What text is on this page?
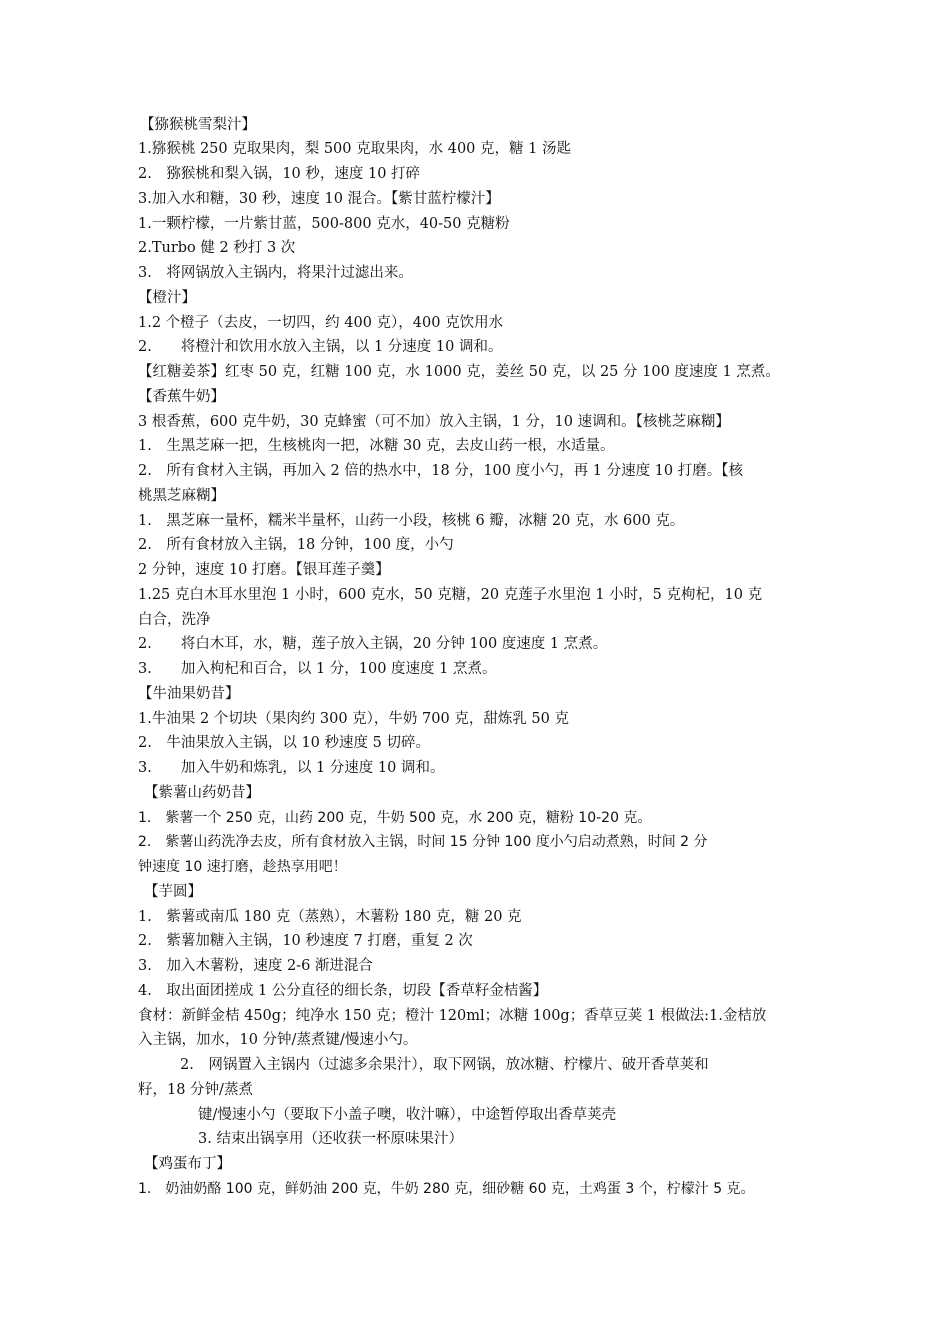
【猕猴桃雪梨汁】
1.猕猴桃 250 克取果肉，梨 500 克取果肉，水 400 克，糖 1 汤匙
2.　猕猴桃和梨入锅，10 秒，速度 10 打碎
3.加入水和糖，30 秒，速度 10 混合。【紫甘蓝柠檬汁】
1.一颗柠檬，一片紫甘蓝，500-800 克水，40-50 克糖粉
2.Turbo 健 2 秒打 3 次
3.　将网锅放入主锅内，将果汁过滤出来。
【橙汁】
1.2 个橙子（去皮，一切四，约 400 克），400 克饮用水
2.　　将橙汁和饮用水放入主锅，以 1 分速度 10 调和。
【红糖姜茶】红枣 50 克，红糖 100 克，水 1000 克，姜丝 50 克，以 25 分 100 度速度 1 烹煮。
【香蕉牛奶】
3 根香蕉，600 克牛奶，30 克蜂蜜（可不加）放入主锅，1 分，10 速调和。【核桃芝麻糊】
1.　生黑芝麻一把，生核桃肉一把，冰糖 30 克，去皮山药一根，水适量。
2.　所有食材入主锅，再加入 2 倍的热水中，18 分，100 度小勺，再 1 分速度 10 打磨。【核
桃黑芝麻糊】
1.　黑芝麻一量杯，糯米半量杯，山药一小段，核桃 6 瓣，冰糖 20 克，水 600 克。
2.　所有食材放入主锅，18 分钟，100 度，小勺
2 分钟，速度 10 打磨。【银耳莲子羹】
1.25 克白木耳水里泡 1 小时，600 克水，50 克糖，20 克莲子水里泡 1 小时，5 克枸杞，10 克
白合，洗净
2.　　将白木耳，水，糖，莲子放入主锅，20 分钟 100 度速度 1 烹煮。
3.　　加入枸杞和百合，以 1 分，100 度速度 1 烹煮。
【牛油果奶昔】
1.牛油果 2 个切块（果肉约 300 克），牛奶 700 克，甜炼乳 50 克
2.　牛油果放入主锅，以 10 秒速度 5 切碎。
3.　　加入牛奶和炼乳，以 1 分速度 10 调和。
【紫薯山药奶昔】
1.　紫薯一个 250 克，山药 200 克，牛奶 500 克，水 200 克，糖粉 10-20 克。
2.　紫薯山药洗净去皮，所有食材放入主锅，时间 15 分钟 100 度小勺启动煮熟，时间 2 分
钟速度 10 速打磨，趁热享用吧！
【芋圆】
1.　紫薯或南瓜 180 克（蒸熟），木薯粉 180 克，糖 20 克
2.　紫薯加糖入主锅，10 秒速度 7 打磨，重复 2 次
3.　加入木薯粉，速度 2-6 渐进混合
4.　取出面团搓成 1 公分直径的细长条，切段【香草籽金桔酱】
食材：新鲜金桔 450g；纯净水 150 克；橙汁 120ml；冰糖 100g；香草豆荚 1 根做法:1.金桔放
入主锅，加水，10 分钟/蒸煮键/慢速小勺。
2.　网锅置入主锅内（过滤多余果汁），取下网锅，放冰糖、柠檬片、破开香草荚和
籽，18 分钟/蒸煮
键/慢速小勺（要取下小盖子噢，收汁嘛），中途暂停取出香草荚壳
3. 结束出锅享用（还收获一杯原味果汁）
【鸡蛋布丁】
1.　奶油奶酪 100 克，鲜奶油 200 克，牛奶 280 克，细砂糖 60 克，土鸡蛋 3 个，柠檬汁 5 克。
